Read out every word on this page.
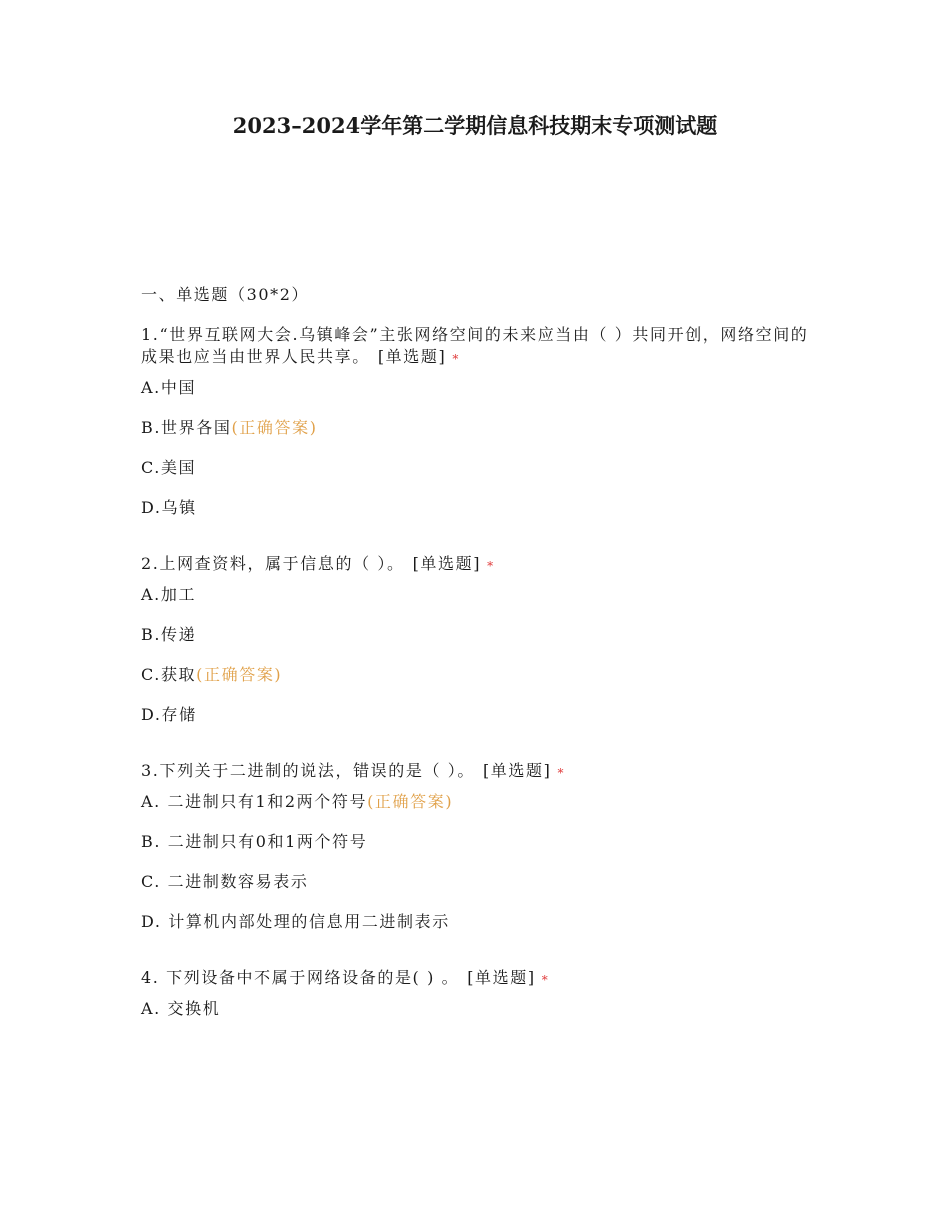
2023–2024学年第二学期信息科技期末专项测试题
一、单选题（30*2）
1.“世界互联网大会.乌镇峰会”主张网络空间的未来应当由（ ）共同开创，网络空间的成果也应当由世界人民共享。 [单选题] *
A.中国
B.世界各国(正确答案)
C.美国
D.乌镇
2.上网查资料，属于信息的（ ）。 [单选题] *
A.加工
B.传递
C.获取(正确答案)
D.存储
3.下列关于二进制的说法，错误的是（ ）。 [单选题] *
A. 二进制只有1和2两个符号(正确答案)
B. 二进制只有0和1两个符号
C. 二进制数容易表示
D. 计算机内部处理的信息用二进制表示
4. 下列设备中不属于网络设备的是( ) 。 [单选题] *
A. 交换机
